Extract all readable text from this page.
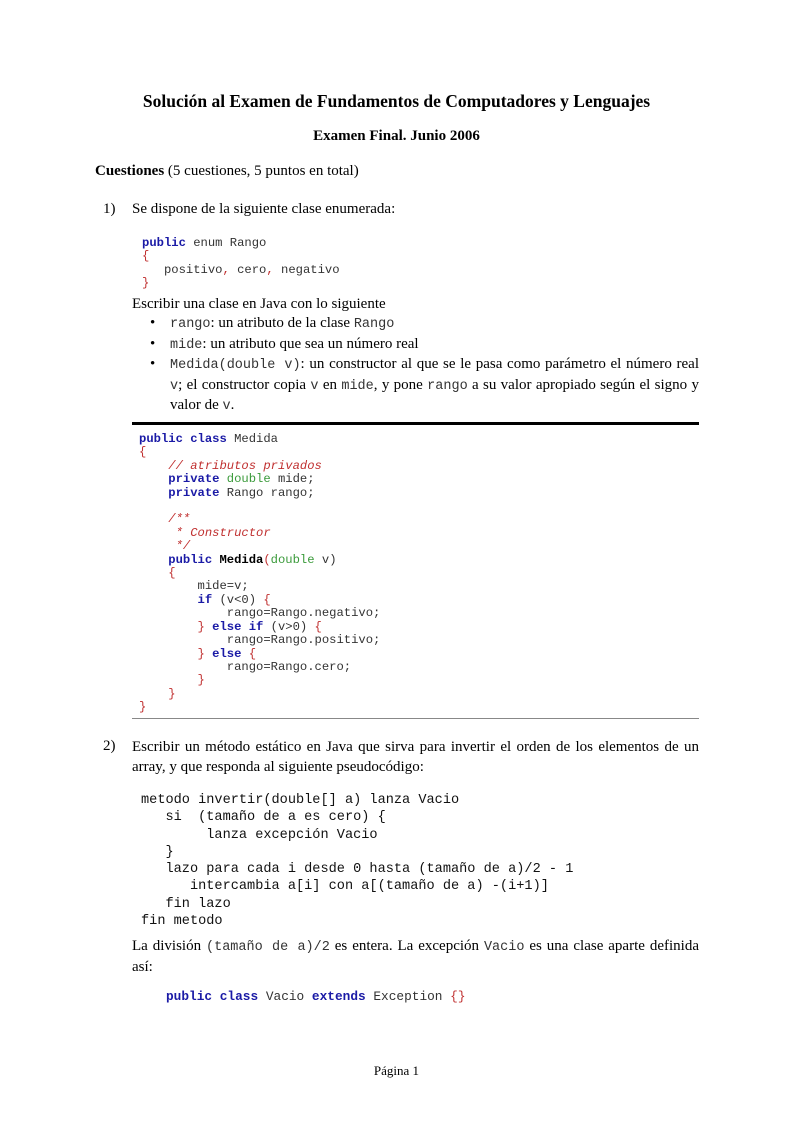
Solución al Examen de Fundamentos de Computadores y Lenguajes
Examen Final. Junio 2006
Cuestiones (5 cuestiones, 5 puntos en total)
1) Se dispone de la siguiente clase enumerada:
public enum Rango
{
positivo, cero, negativo
}
Escribir una clase en Java con lo siguiente
• rango: un atributo de la clase Rango
• mide: un atributo que sea un número real
• Medida(double v): un constructor al que se le pasa como parámetro el número real v; el constructor copia v en mide, y pone rango a su valor apropiado según el signo y valor de v.
public class Medida
{
// atributos privados
private double mide;
private Rango rango;

/**
* Constructor
*/
public Medida(double v)
{
mide=v;
if (v<0) {
rango=Rango.negativo;
} else if (v>0) {
rango=Rango.positivo;
} else {
rango=Rango.cero;
}
}
}
2) Escribir un método estático en Java que sirva para invertir el orden de los elementos de un array, y que responda al siguiente pseudocódigo:
metodo invertir(double[] a) lanza Vacio
si  (tamaño de a es cero) {
lanza excepción Vacio
}
lazo para cada i desde 0 hasta (tamaño de a)/2 - 1
intercambia a[i] con a[(tamaño de a) -(i+1)]
fin lazo
fin metodo
La división (tamaño de a)/2 es entera. La excepción Vacio es una clase aparte definida así:
public class Vacio extends Exception {}
Página 1
